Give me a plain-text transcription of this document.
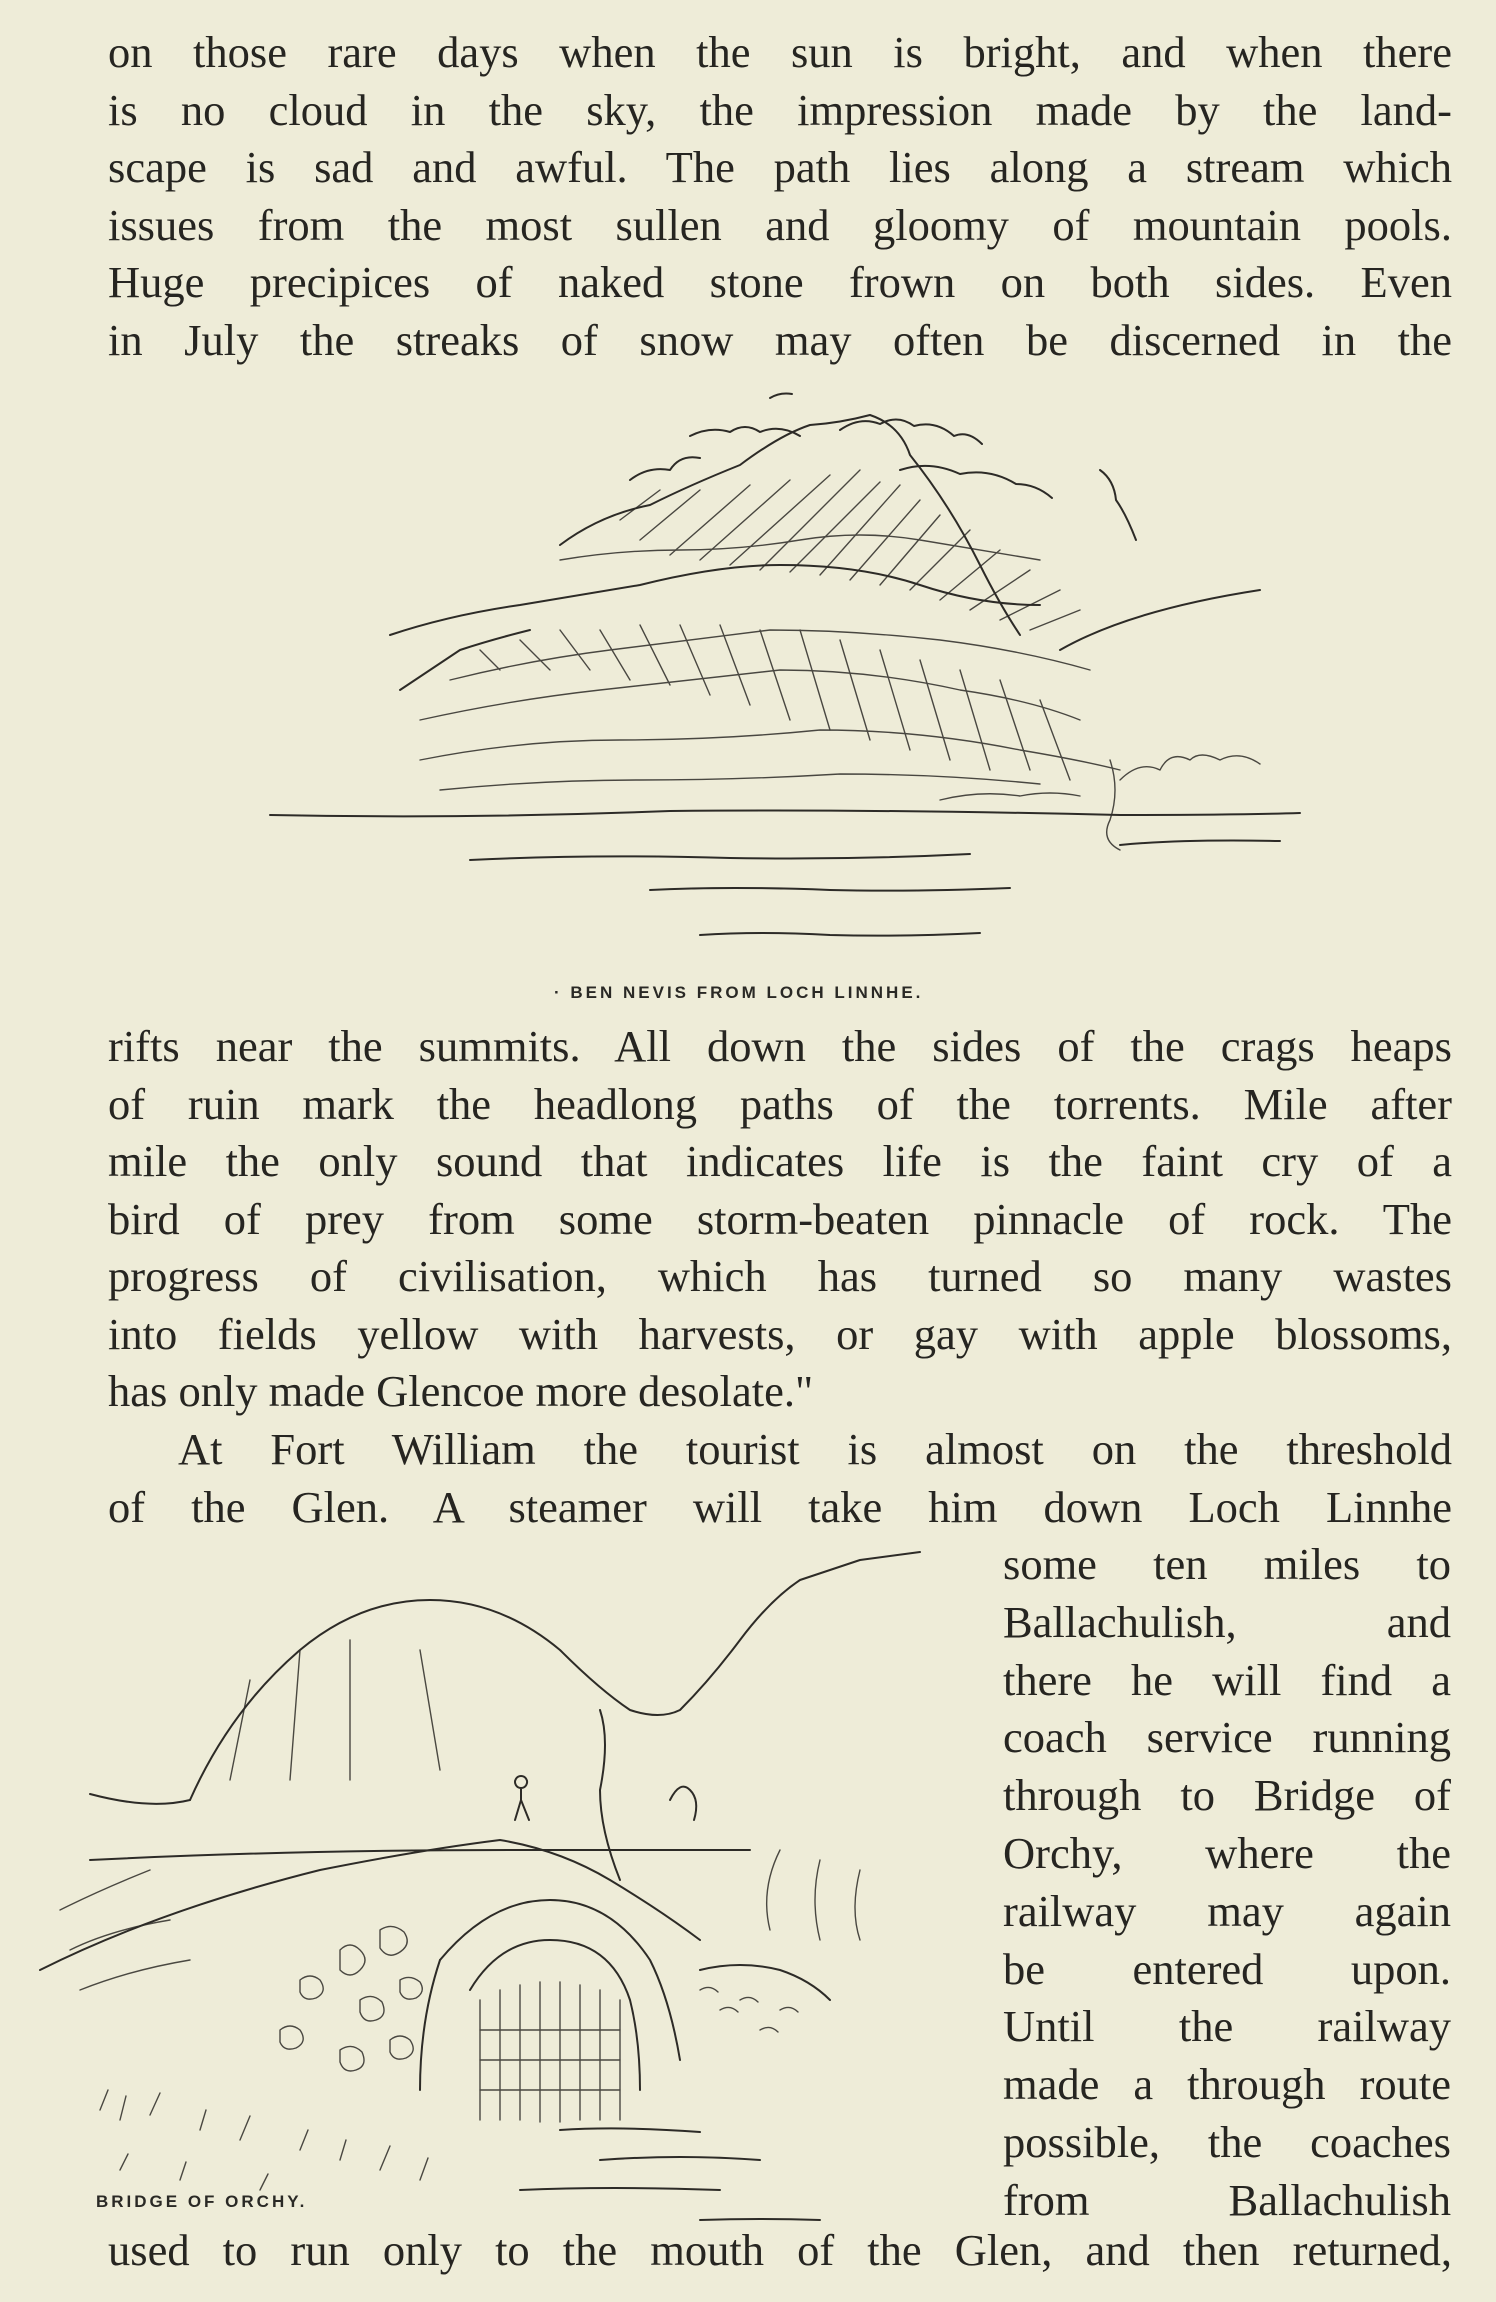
on those rare days when the sun is bright, and when there
is no cloud in the sky, the impression made by the land-
scape is sad and awful. The path lies along a stream which
issues from the most sullen and gloomy of mountain pools.
Huge precipices of naked stone frown on both sides. Even
in July the streaks of snow may often be discerned in the
· BEN NEVIS FROM LOCH LINNHE.
rifts near the summits. All down the sides of the crags heaps
of ruin mark the headlong paths of the torrents. Mile after
mile the only sound that indicates life is the faint cry of a
bird of prey from some storm-beaten pinnacle of rock. The
progress of civilisation, which has turned so many wastes
into fields yellow with harvests, or gay with apple blossoms,
has only made Glencoe more desolate."
At Fort William the tourist is almost on the threshold
of the Glen. A steamer will take him down Loch Linnhe
BRIDGE OF ORCHY.
some ten miles to
Ballachulish, and
there he will find a
coach service running
through to Bridge of
Orchy, where the
railway may again
be entered upon.
Until the railway
made a through route
possible, the coaches
from Ballachulish
used to run only to the mouth of the Glen, and then returned,
